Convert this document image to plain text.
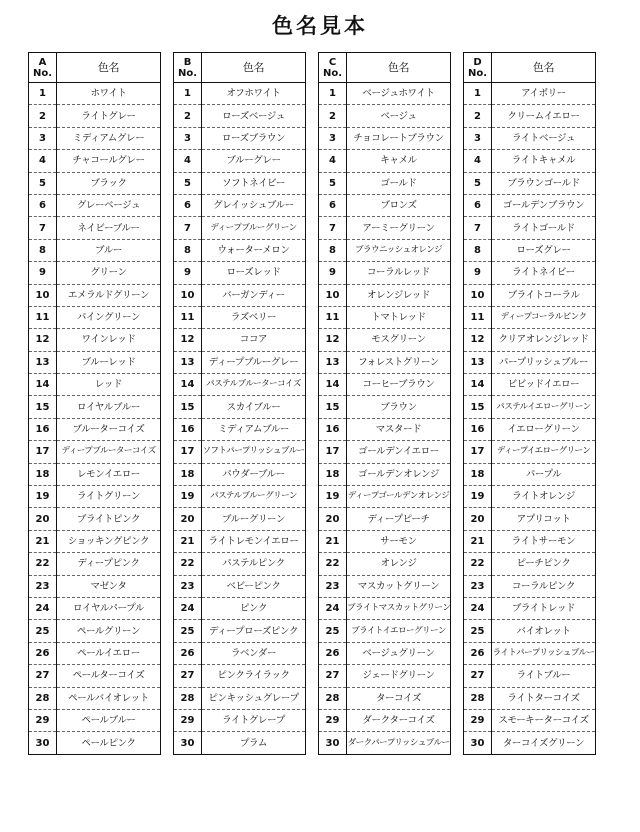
色名見本
A
No.	色名
1	ホワイト
2	ライトグレー
3	ミディアムグレー
4	チャコールグレー
5	ブラック
6	グレーベージュ
7	ネイビーブルー
8	ブルー
9	グリーン
10	エメラルドグリーン
11	パイングリーン
12	ワインレッド
13	ブルーレッド
14	レッド
15	ロイヤルブルー
16	ブルーターコイズ
17	ディープブルーターコイズ
18	レモンイエロー
19	ライトグリーン
20	ブライトピンク
21	ショッキングピンク
22	ディープピンク
23	マゼンタ
24	ロイヤルパープル
25	ペールグリーン
26	ペールイエロー
27	ペールターコイズ
28	ペールバイオレット
29	ペールブルー
30	ペールピンク
B
No.	色名
1	オフホワイト
2	ローズベージュ
3	ローズブラウン
4	ブルーグレー
5	ソフトネイビー
6	グレイッシュブルー
7	ディープブルーグリーン
8	ウォーターメロン
9	ローズレッド
10	バーガンディー
11	ラズベリー
12	ココア
13	ディープブルーグレー
14	パステルブルーターコイズ
15	スカイブルー
16	ミディアムブルー
17	ソフトパープリッシュブルー
18	パウダーブルー
19	パステルブルーグリーン
20	ブルーグリーン
21	ライトレモンイエロー
22	パステルピンク
23	ベビーピンク
24	ピンク
25	ディープローズピンク
26	ラベンダー
27	ピンクライラック
28	ピンキッシュグレープ
29	ライトグレープ
30	プラム
C
No.	色名
1	ベージュホワイト
2	ベージュ
3	チョコレートブラウン
4	キャメル
5	ゴールド
6	ブロンズ
7	アーミーグリーン
8	ブラウニッシュオレンジ
9	コーラルレッド
10	オレンジレッド
11	トマトレッド
12	モスグリーン
13	フォレストグリーン
14	コーヒーブラウン
15	ブラウン
16	マスタード
17	ゴールデンイエロー
18	ゴールデンオレンジ
19	ディープゴールデンオレンジ
20	ディープピーチ
21	サーモン
22	オレンジ
23	マスカットグリーン
24	ブライトマスカットグリーン
25	ブライトイエローグリーン
26	ベージュグリーン
27	ジェードグリーン
28	ターコイズ
29	ダークターコイズ
30	ダークパープリッシュブルー
D
No.	色名
1	アイボリー
2	クリームイエロー
3	ライトベージュ
4	ライトキャメル
5	ブラウンゴールド
6	ゴールデンブラウン
7	ライトゴールド
8	ローズグレー
9	ライトネイビー
10	ブライトコーラル
11	ディープコーラルピンク
12	クリアオレンジレッド
13	パープリッシュブルー
14	ビビッドイエロー
15	パステルイエローグリーン
16	イエローグリーン
17	ディープイエローグリーン
18	パープル
19	ライトオレンジ
20	アプリコット
21	ライトサーモン
22	ピーチピンク
23	コーラルピンク
24	ブライトレッド
25	バイオレット
26	ライトパープリッシュブルー
27	ライトブルー
28	ライトターコイズ
29	スモーキーターコイズ
30	ターコイズグリーン
